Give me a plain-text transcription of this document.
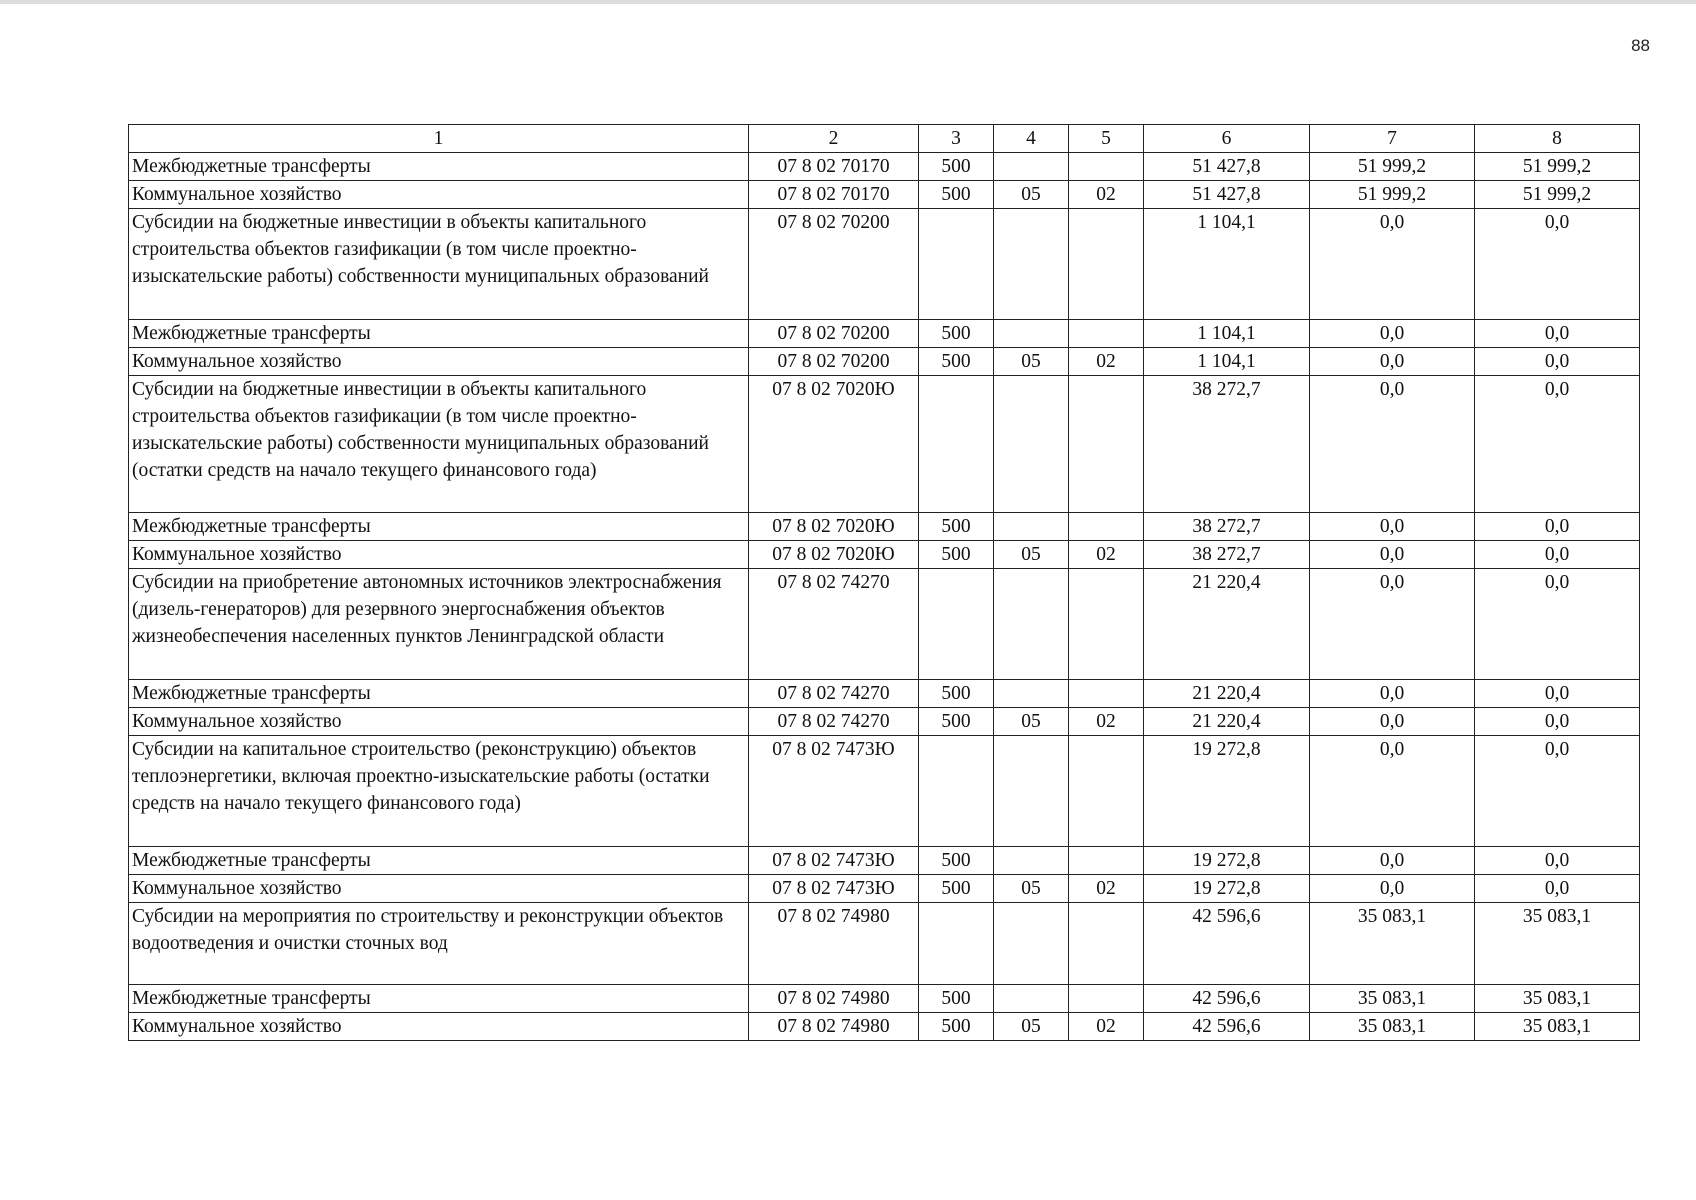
88
1	2	3	4	5	6	7	8
Межбюджетные трансферты	07 8 02 70170	500			51 427,8	51 999,2	51 999,2
Коммунальное хозяйство	07 8 02 70170	500	05	02	51 427,8	51 999,2	51 999,2
Субсидии на бюджетные инвестиции в объекты капитального строительства объектов газификации (в том числе проектно-изыскательские работы) собственности муниципальных образований	07 8 02 70200				1 104,1	0,0	0,0
Межбюджетные трансферты	07 8 02 70200	500			1 104,1	0,0	0,0
Коммунальное хозяйство	07 8 02 70200	500	05	02	1 104,1	0,0	0,0
Субсидии на бюджетные инвестиции в объекты капитального строительства объектов газификации (в том числе проектно-изыскательские работы) собственности муниципальных образований (остатки средств на начало текущего финансового года)	07 8 02 7020Ю				38 272,7	0,0	0,0
Межбюджетные трансферты	07 8 02 7020Ю	500			38 272,7	0,0	0,0
Коммунальное хозяйство	07 8 02 7020Ю	500	05	02	38 272,7	0,0	0,0
Субсидии на приобретение автономных источников электроснабжения (дизель-генераторов) для резервного энергоснабжения объектов жизнеобеспечения населенных пунктов Ленинградской области	07 8 02 74270				21 220,4	0,0	0,0
Межбюджетные трансферты	07 8 02 74270	500			21 220,4	0,0	0,0
Коммунальное хозяйство	07 8 02 74270	500	05	02	21 220,4	0,0	0,0
Субсидии на капитальное строительство (реконструкцию) объектов теплоэнергетики, включая проектно-изыскательские работы (остатки средств на начало текущего финансового года)	07 8 02 7473Ю				19 272,8	0,0	0,0
Межбюджетные трансферты	07 8 02 7473Ю	500			19 272,8	0,0	0,0
Коммунальное хозяйство	07 8 02 7473Ю	500	05	02	19 272,8	0,0	0,0
Субсидии на мероприятия по строительству и реконструкции объектов водоотведения и очистки сточных вод	07 8 02 74980				42 596,6	35 083,1	35 083,1
Межбюджетные трансферты	07 8 02 74980	500			42 596,6	35 083,1	35 083,1
Коммунальное хозяйство	07 8 02 74980	500	05	02	42 596,6	35 083,1	35 083,1
